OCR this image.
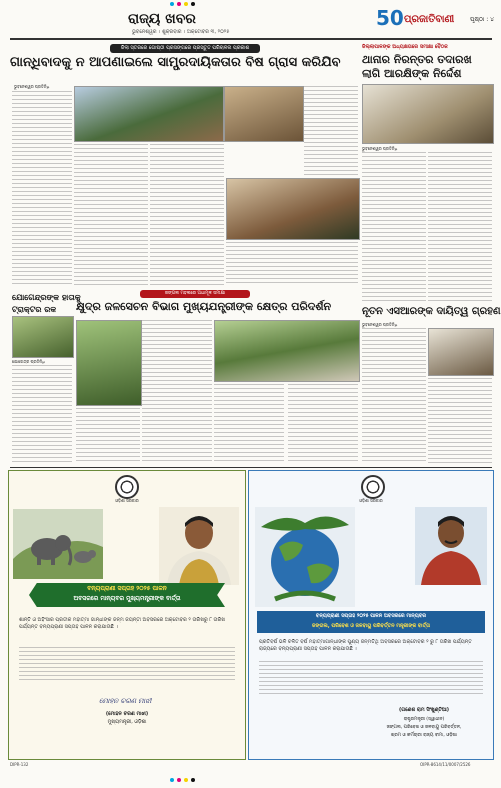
ରାଜ୍ୟ ଖବର
ଭୁବନେଶ୍ୱର । ଶୁକ୍ରବାର । ଅକ୍ଟୋବର ୩, ୨୦୨୫
50 ପ୍ରଜାତିବାଣୀ	ପୃଷ୍ଠା : ୪
ଜିଲା ସ୍ତରରେ ଗୋଷ୍ଠୀ ପ୍ରସଙ୍ଗରେ ପ୍ରସ୍ତୁତ ପରିଚାଳନା ପ୍ରକାଶ
ଗାନ୍ଧିବାଦକୁ ନ ଆପଣାଇଲେ ସାମ୍ପ୍ରଦାୟିକତାର ବିଷ ଗ୍ରାସ କରିଯିବ
ଭୁବନେଶ୍ୱର ପ୍ରତିନିଧି
ଜିଲ୍ଲାପାଳଙ୍କ ଅଧ୍ୟକ୍ଷତାରେ ସମୀକ୍ଷା ବୈଠକ
ଥାନାର ନିରନ୍ତର ତଦାରଖ
ଲାଗି ଆରକ୍ଷିଙ୍କ ନିର୍ଦ୍ଦେଶ
ଭୁବନେଶ୍ୱର ପ୍ରତିନିଧି
ଯୋଗେନ୍ଦ୍ରଙ୍କ ହାତାକୁ
ଟ୍ରାକ୍ଟର ରକ
ଯୋଗେନ୍ଦ୍ର ପ୍ରତିନିଧି
ଜଙ୍ଗଲ ମହଲରେ ଅଧାମୂଳ ସମୀକ୍ଷା
କ୍ଷୁଦ୍ର ଜଳସେଚନ ବିଭାଗ ମୁଖ୍ୟଯନ୍ତ୍ରୀଙ୍କ କ୍ଷେତ୍ର ପରିଦର୍ଶନ	ନୂତନ ଏସଆରଙ୍କ ଦାୟିତ୍ୱ ଗ୍ରହଣ
ଭୁବନେଶ୍ୱର ପ୍ରତିନିଧି
ଓଡ଼ିଶା ସରକାର
ବନ୍ୟପ୍ରାଣୀ ସପ୍ତାହ ୨୦୨୫ ପାଳନ
ଅବସରରେ ମାନ୍ୟବର ମୁଖ୍ୟମନ୍ତ୍ରୀଙ୍କ ବାର୍ତ୍ତା
ଶାନ୍ତି ଓ ଅହିଂସାର ପ୍ରତୀକ ମହାତ୍ମା ଗାନ୍ଧୀଙ୍କ ଜନ୍ମ ଜୟନ୍ତୀ ଅବସରରେ ଅକ୍ଟୋବର ୨ ତାରିଖରୁ ୮ ତାରିଖ ପର୍ଯ୍ୟନ୍ତ ବନ୍ୟପ୍ରାଣୀ ସପ୍ତାହ ପାଳନ କରାଯାଉଛି ।
ମୋହନ ଚରଣ ମାଝୀ
(ମୋହନ ଚରଣ ମାଝୀ)
ମୁଖ୍ୟମନ୍ତ୍ରୀ, ଓଡ଼ିଶା
ଓଡ଼ିଶା ସରକାର
ବନ୍ୟପ୍ରାଣୀ ସପ୍ତାହ ୨୦୨୫ ପାଳନ ଅବସରରେ ମାନ୍ୟବର
ଜଙ୍ଗଲ, ପରିବେଶ ଓ ଜଳବାୟୁ ପରିବର୍ତ୍ତନ ମନ୍ତ୍ରୀଙ୍କ ବାର୍ତ୍ତା
ପ୍ରତିବର୍ଷ ଭଳି ଚଳିତ ବର୍ଷ ମହାତ୍ମାଗାନ୍ଧୀଙ୍କ ପୁଣ୍ୟ ଜନ୍ମତିଥି ଅବସରରେ ଅକ୍ଟୋବର ୨ ରୁ ୮ ତାରିଖ ପର୍ଯ୍ୟନ୍ତ ରାଜ୍ୟରେ ବନ୍ୟପ୍ରାଣୀ ସପ୍ତାହ ପାଳନ କରାଯାଉଛି ।
(ଗଣେଶ ରାମ ସିଂଖୁଣ୍ଟିଆ)
ରାଷ୍ଟ୍ରମନ୍ତ୍ରୀ (ସ୍ୱାଧୀନ)
ଜଙ୍ଗଲ, ପରିବେଶ ଓ ଜଳବାୟୁ ପରିବର୍ତ୍ତନ,
ଶ୍ରମ ଓ କର୍ମଚାରୀ ରାଜ୍ୟ ବୀମା, ଓଡ଼ିଶା
DIPR-132	OIPR-8614/11/0007/2526
